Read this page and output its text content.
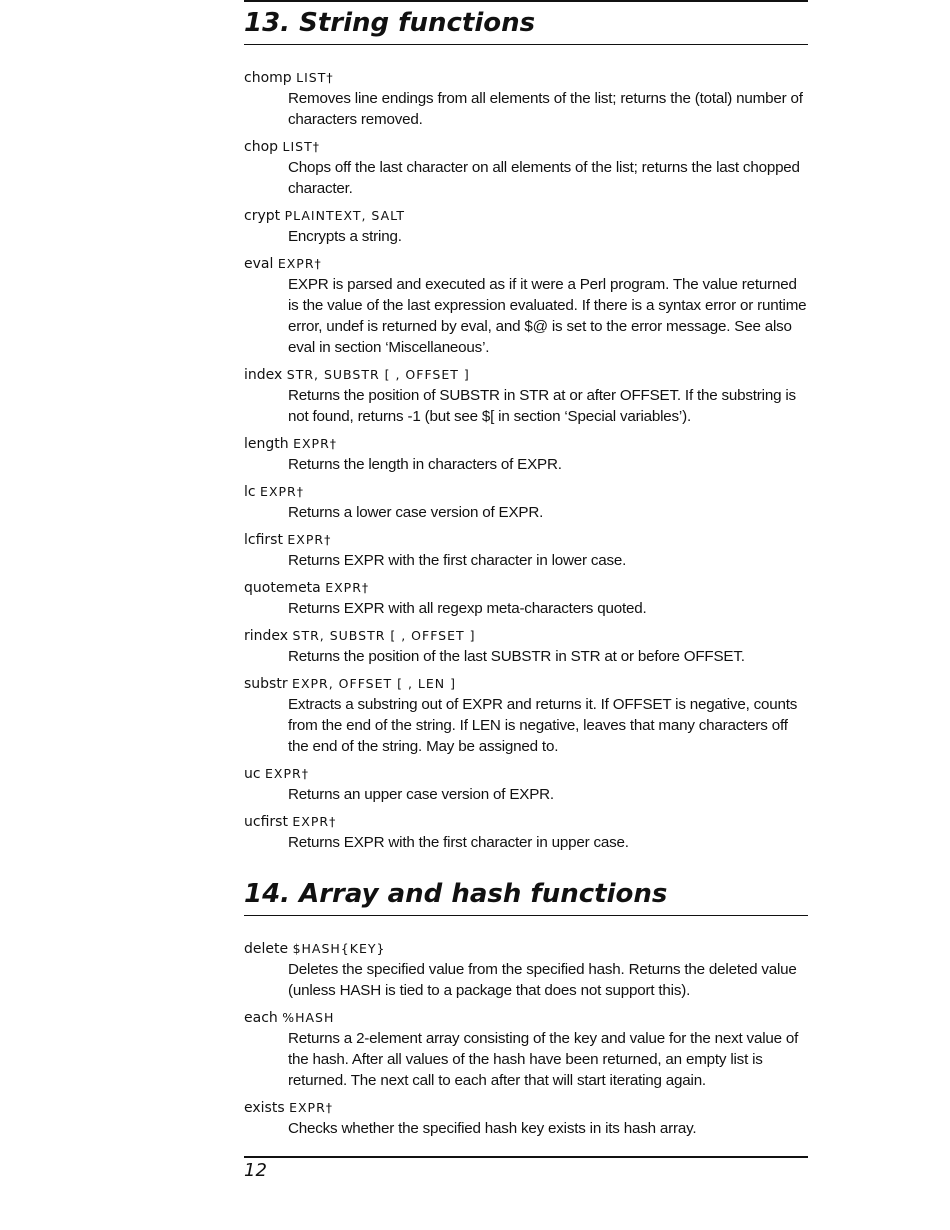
13. String functions
chomp LIST†
Removes line endings from all elements of the list; returns the (total) number of characters removed.
chop LIST†
Chops off the last character on all elements of the list; returns the last chopped character.
crypt PLAINTEXT, SALT
Encrypts a string.
eval EXPR†
EXPR is parsed and executed as if it were a Perl program. The value returned is the value of the last expression evaluated. If there is a syntax error or runtime error, undef is returned by eval, and $@ is set to the error message. See also eval in section ‘Miscellaneous’.
index STR, SUBSTR [ , OFFSET ]
Returns the position of SUBSTR in STR at or after OFFSET. If the substring is not found, returns -1 (but see $[ in section ‘Special variables’).
length EXPR†
Returns the length in characters of EXPR.
lc EXPR†
Returns a lower case version of EXPR.
lcfirst EXPR†
Returns EXPR with the first character in lower case.
quotemeta EXPR†
Returns EXPR with all regexp meta-characters quoted.
rindex STR, SUBSTR [ , OFFSET ]
Returns the position of the last SUBSTR in STR at or before OFFSET.
substr EXPR, OFFSET [ , LEN ]
Extracts a substring out of EXPR and returns it. If OFFSET is negative, counts from the end of the string. If LEN is negative, leaves that many characters off the end of the string. May be assigned to.
uc EXPR†
Returns an upper case version of EXPR.
ucfirst EXPR†
Returns EXPR with the first character in upper case.
14. Array and hash functions
delete $HASH{KEY}
Deletes the specified value from the specified hash. Returns the deleted value (unless HASH is tied to a package that does not support this).
each %HASH
Returns a 2-element array consisting of the key and value for the next value of the hash. After all values of the hash have been returned, an empty list is returned. The next call to each after that will start iterating again.
exists EXPR†
Checks whether the specified hash key exists in its hash array.
12
